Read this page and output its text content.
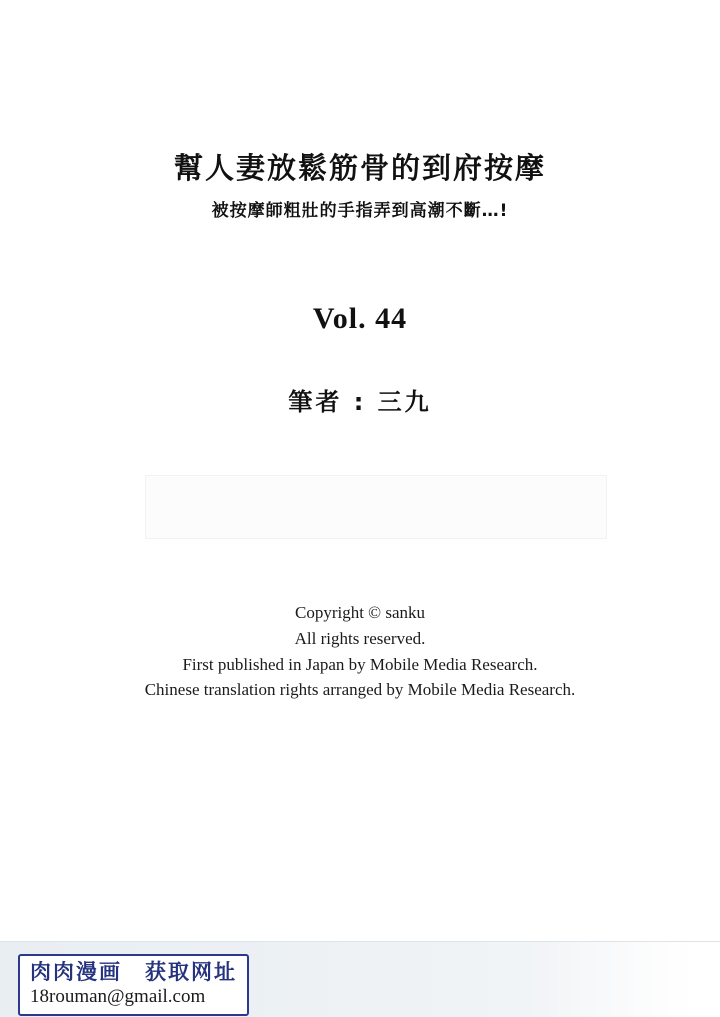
幫人妻放鬆筋骨的到府按摩
被按摩師粗壯的手指弄到高潮不斷…!
Vol. 44
筆者 : 三九
Copyright © sanku
All rights reserved.
First published in Japan by Mobile Media Research.
Chinese translation rights arranged by Mobile Media Research.
肉肉漫画　获取网址
18rouman@gmail.com
